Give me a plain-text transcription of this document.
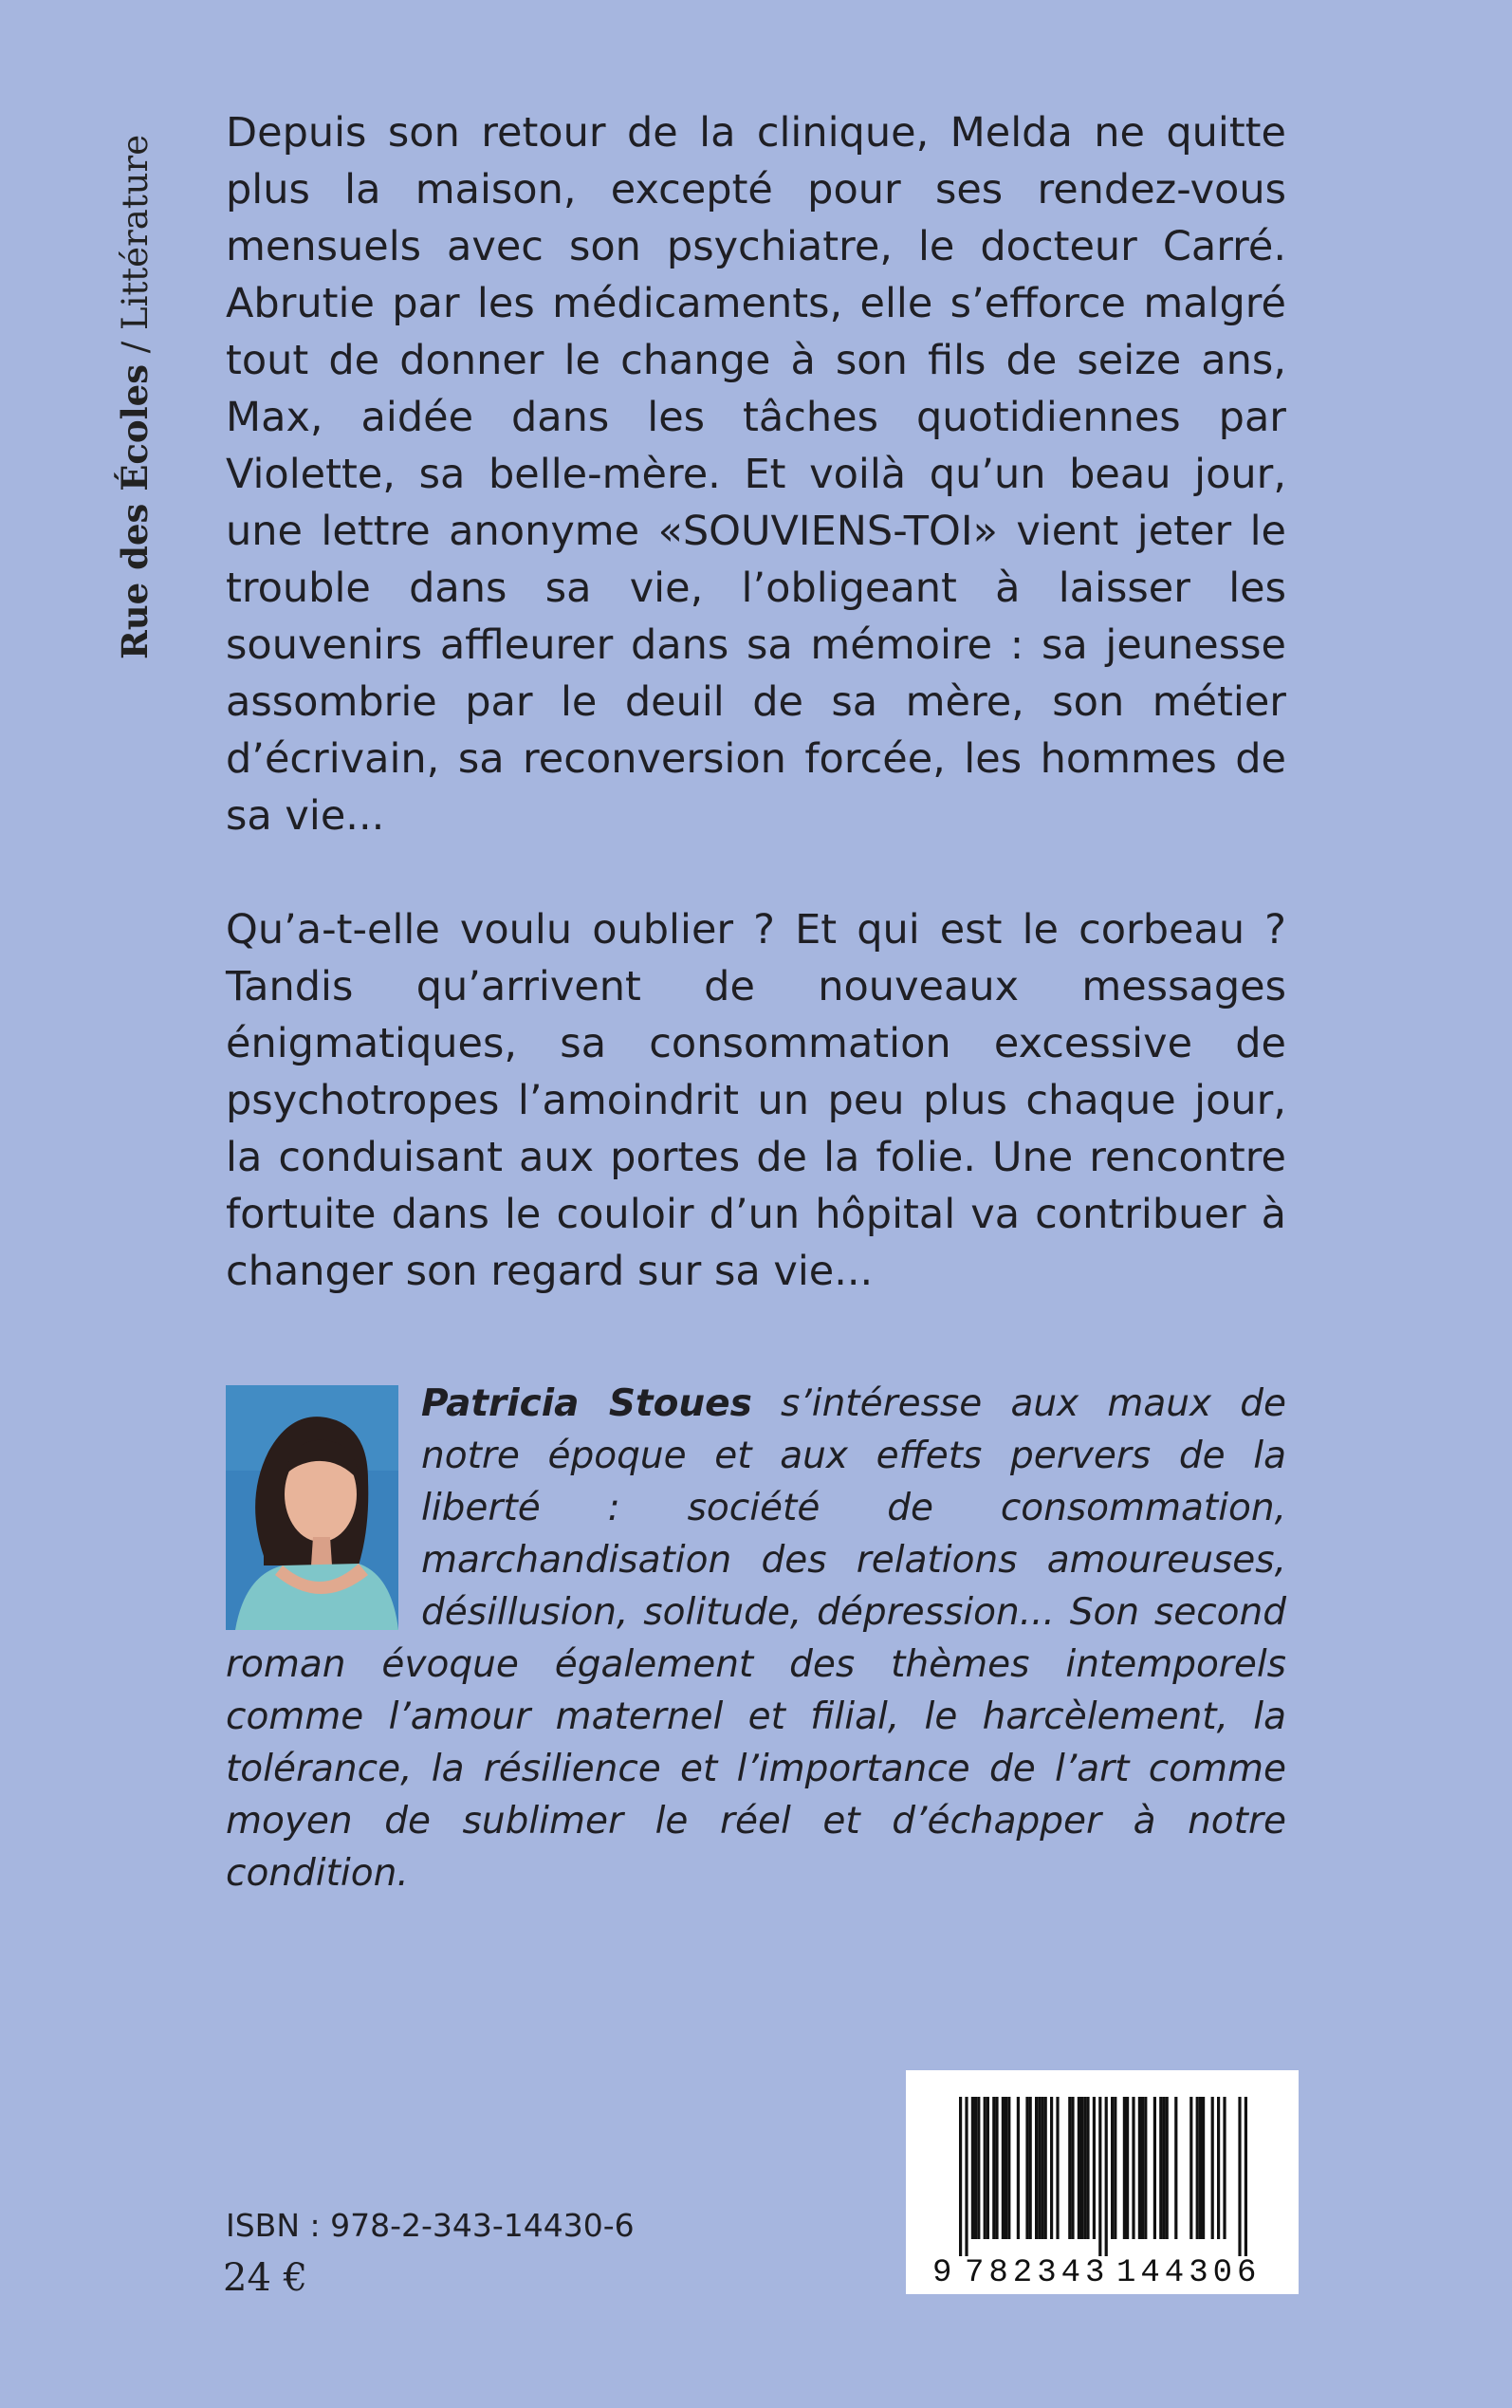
Rue des Écoles / Littérature

Depuis son retour de la clinique, Melda ne quitte plus la maison, excepté pour ses rendez-vous mensuels avec son psychiatre, le docteur Carré. Abrutie par les médicaments, elle s’efforce malgré tout de donner le change à son fils de seize ans, Max, aidée dans les tâches quotidiennes par Violette, sa belle-mère. Et voilà qu’un beau jour, une lettre anonyme «SOUVIENS-TOI» vient jeter le trouble dans sa vie, l’obligeant à laisser les souvenirs affleurer dans sa mémoire : sa jeunesse assombrie par le deuil de sa mère, son métier d’écrivain, sa reconversion forcée, les hommes de sa vie...

Qu’a-t-elle voulu oublier ? Et qui est le corbeau ? Tandis qu’arrivent de nouveaux messages énigmatiques, sa consommation excessive de psychotropes l’amoindrit un peu plus chaque jour, la conduisant aux portes de la folie. Une rencontre fortuite dans le couloir d’un hôpital va contribuer à changer son regard sur sa vie...

Patricia Stoues s’intéresse aux maux de notre époque et aux effets pervers de la liberté : société de consommation, marchandisation des relations amoureuses, désillusion, solitude, dépression... Son second roman évoque également des thèmes intemporels comme l’amour maternel et filial, le harcèlement, la tolérance, la résilience et l’importance de l’art comme moyen de sublimer le réel et d’échapper à notre condition.

ISBN : 978-2-343-14430-6
24 €	9 782343 144306
